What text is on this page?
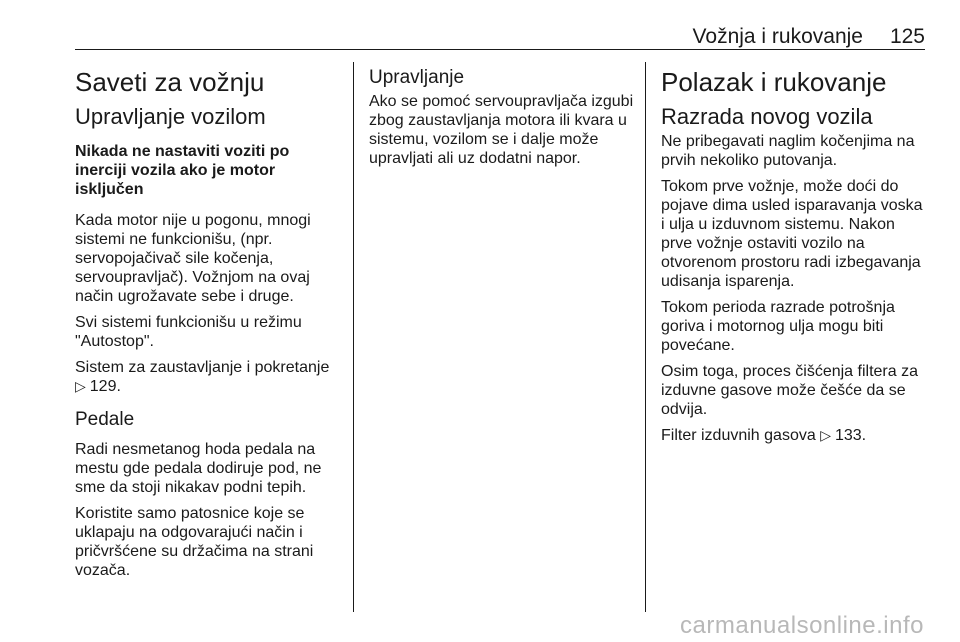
Vožnja i rukovanje 125
Saveti za vožnju
Upravljanje vozilom
Nikada ne nastaviti voziti po inerciji vozila ako je motor isključen

Kada motor nije u pogonu, mnogi sistemi ne funkcionišu, (npr. servopojačivač sile kočenja, servoupravljač). Vožnjom na ovaj način ugrožavate sebe i druge.

Svi sistemi funkcionišu u režimu "Autostop".

Sistem za zaustavljanje i pokretanje
▷ 129.

Pedale

Radi nesmetanog hoda pedala na mestu gde pedala dodiruje pod, ne sme da stoji nikakav podni tepih.

Koristite samo patosnice koje se uklapaju na odgovarajući način i pričvršćene su držačima na strani vozača.

Upravljanje

Ako se pomoć servoupravljača izgubi zbog zaustavljanja motora ili kvara u sistemu, vozilom se i dalje može upravljati ali uz dodatni napor.

Polazak i rukovanje
Razrada novog vozila

Ne pribegavati naglim kočenjima na prvih nekoliko putovanja.

Tokom prve vožnje, može doći do pojave dima usled isparavanja voska i ulja u izduvnom sistemu. Nakon prve vožnje ostaviti vozilo na otvorenom prostoru radi izbegavanja udisanja isparenja.

Tokom perioda razrade potrošnja goriva i motornog ulja mogu biti povećane.

Osim toga, proces čišćenja filtera za izduvne gasove može češće da se odvija.

Filter izduvnih gasova ▷ 133.

carmanualsonline.info
